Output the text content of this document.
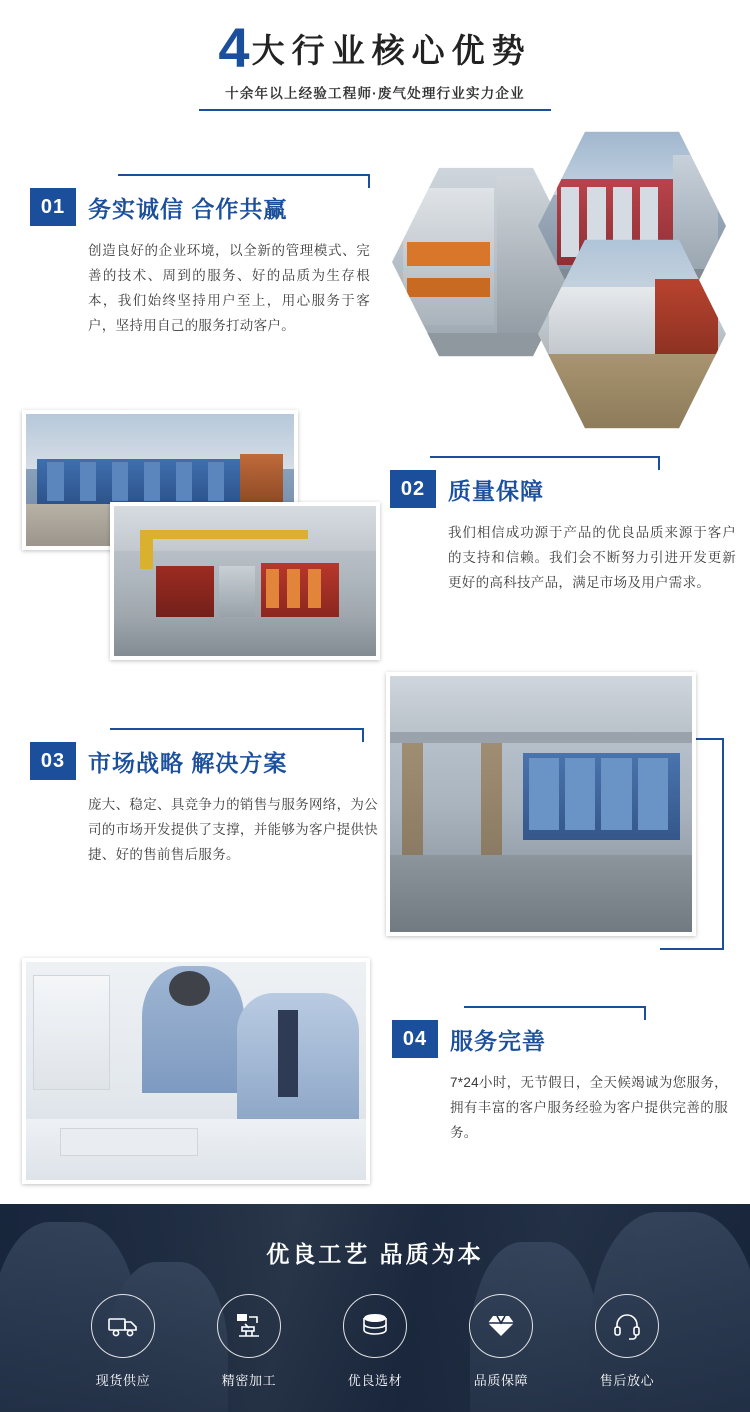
4 大行业核心优势
十余年以上经验工程师·废气处理行业实力企业
01 务实诚信 合作共赢
创造良好的企业环境，以全新的管理模式、完善的技术、周到的服务、好的品质为生存根本，我们始终坚持用户至上，用心服务于客户，坚持用自己的服务打动客户。
02 质量保障
我们相信成功源于产品的优良品质来源于客户的支持和信赖。我们会不断努力引进开发更新更好的高科技产品，满足市场及用户需求。
03 市场战略 解决方案
庞大、稳定、具竞争力的销售与服务网络，为公司的市场开发提供了支撑，并能够为客户提供快捷、好的售前售后服务。
04 服务完善
7*24小时，无节假日，全天候竭诚为您服务，拥有丰富的客户服务经验为客户提供完善的服务。
优良工艺 品质为本
现货供应	精密加工	优良选材	品质保障	售后放心
